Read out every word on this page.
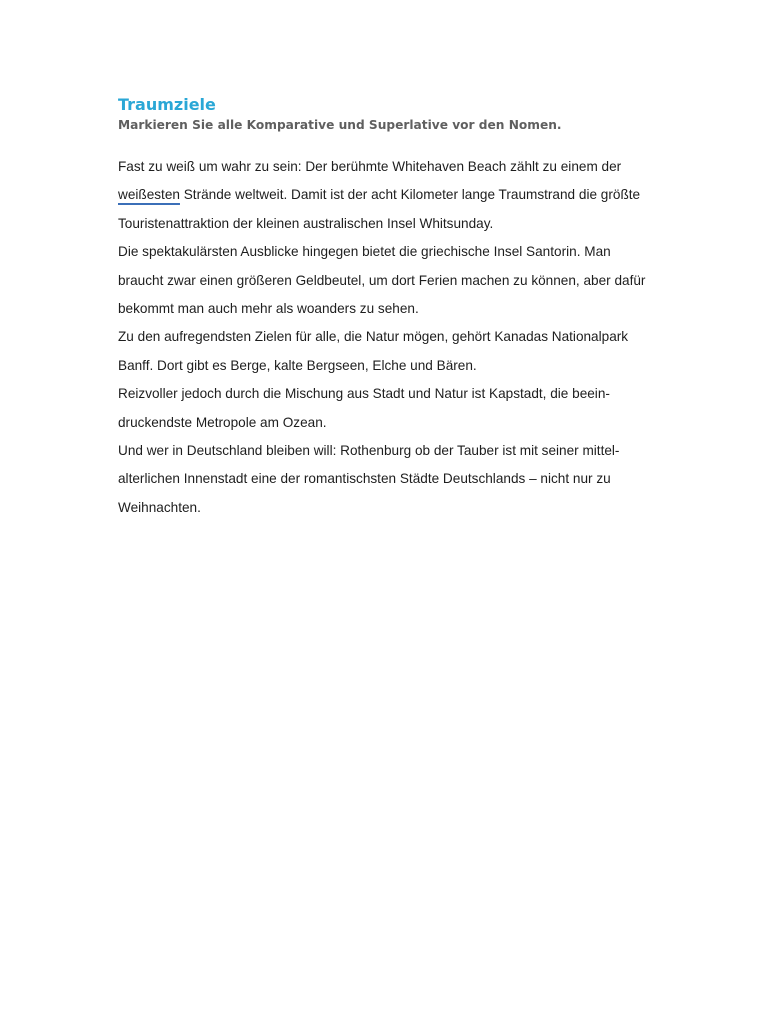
Traumziele

Markieren Sie alle Komparative und Superlative vor den Nomen.

Fast zu weiß um wahr zu sein: Der berühmte Whitehaven Beach zählt zu einem der
weißesten Strände weltweit. Damit ist der acht Kilometer lange Traumstrand die größte
Touristenattraktion der kleinen australischen Insel Whitsunday.

Die spektakulärsten Ausblicke hingegen bietet die griechische Insel Santorin. Man
braucht zwar einen größeren Geldbeutel, um dort Ferien machen zu können, aber dafür
bekommt man auch mehr als woanders zu sehen.

Zu den aufregendsten Zielen für alle, die Natur mögen, gehört Kanadas Nationalpark
Banff. Dort gibt es Berge, kalte Bergseen, Elche und Bären.

Reizvoller jedoch durch die Mischung aus Stadt und Natur ist Kapstadt, die beein-
druckendste Metropole am Ozean.

Und wer in Deutschland bleiben will: Rothenburg ob der Tauber ist mit seiner mittel-
alterlichen Innenstadt eine der romantischsten Städte Deutschlands – nicht nur zu
Weihnachten.
